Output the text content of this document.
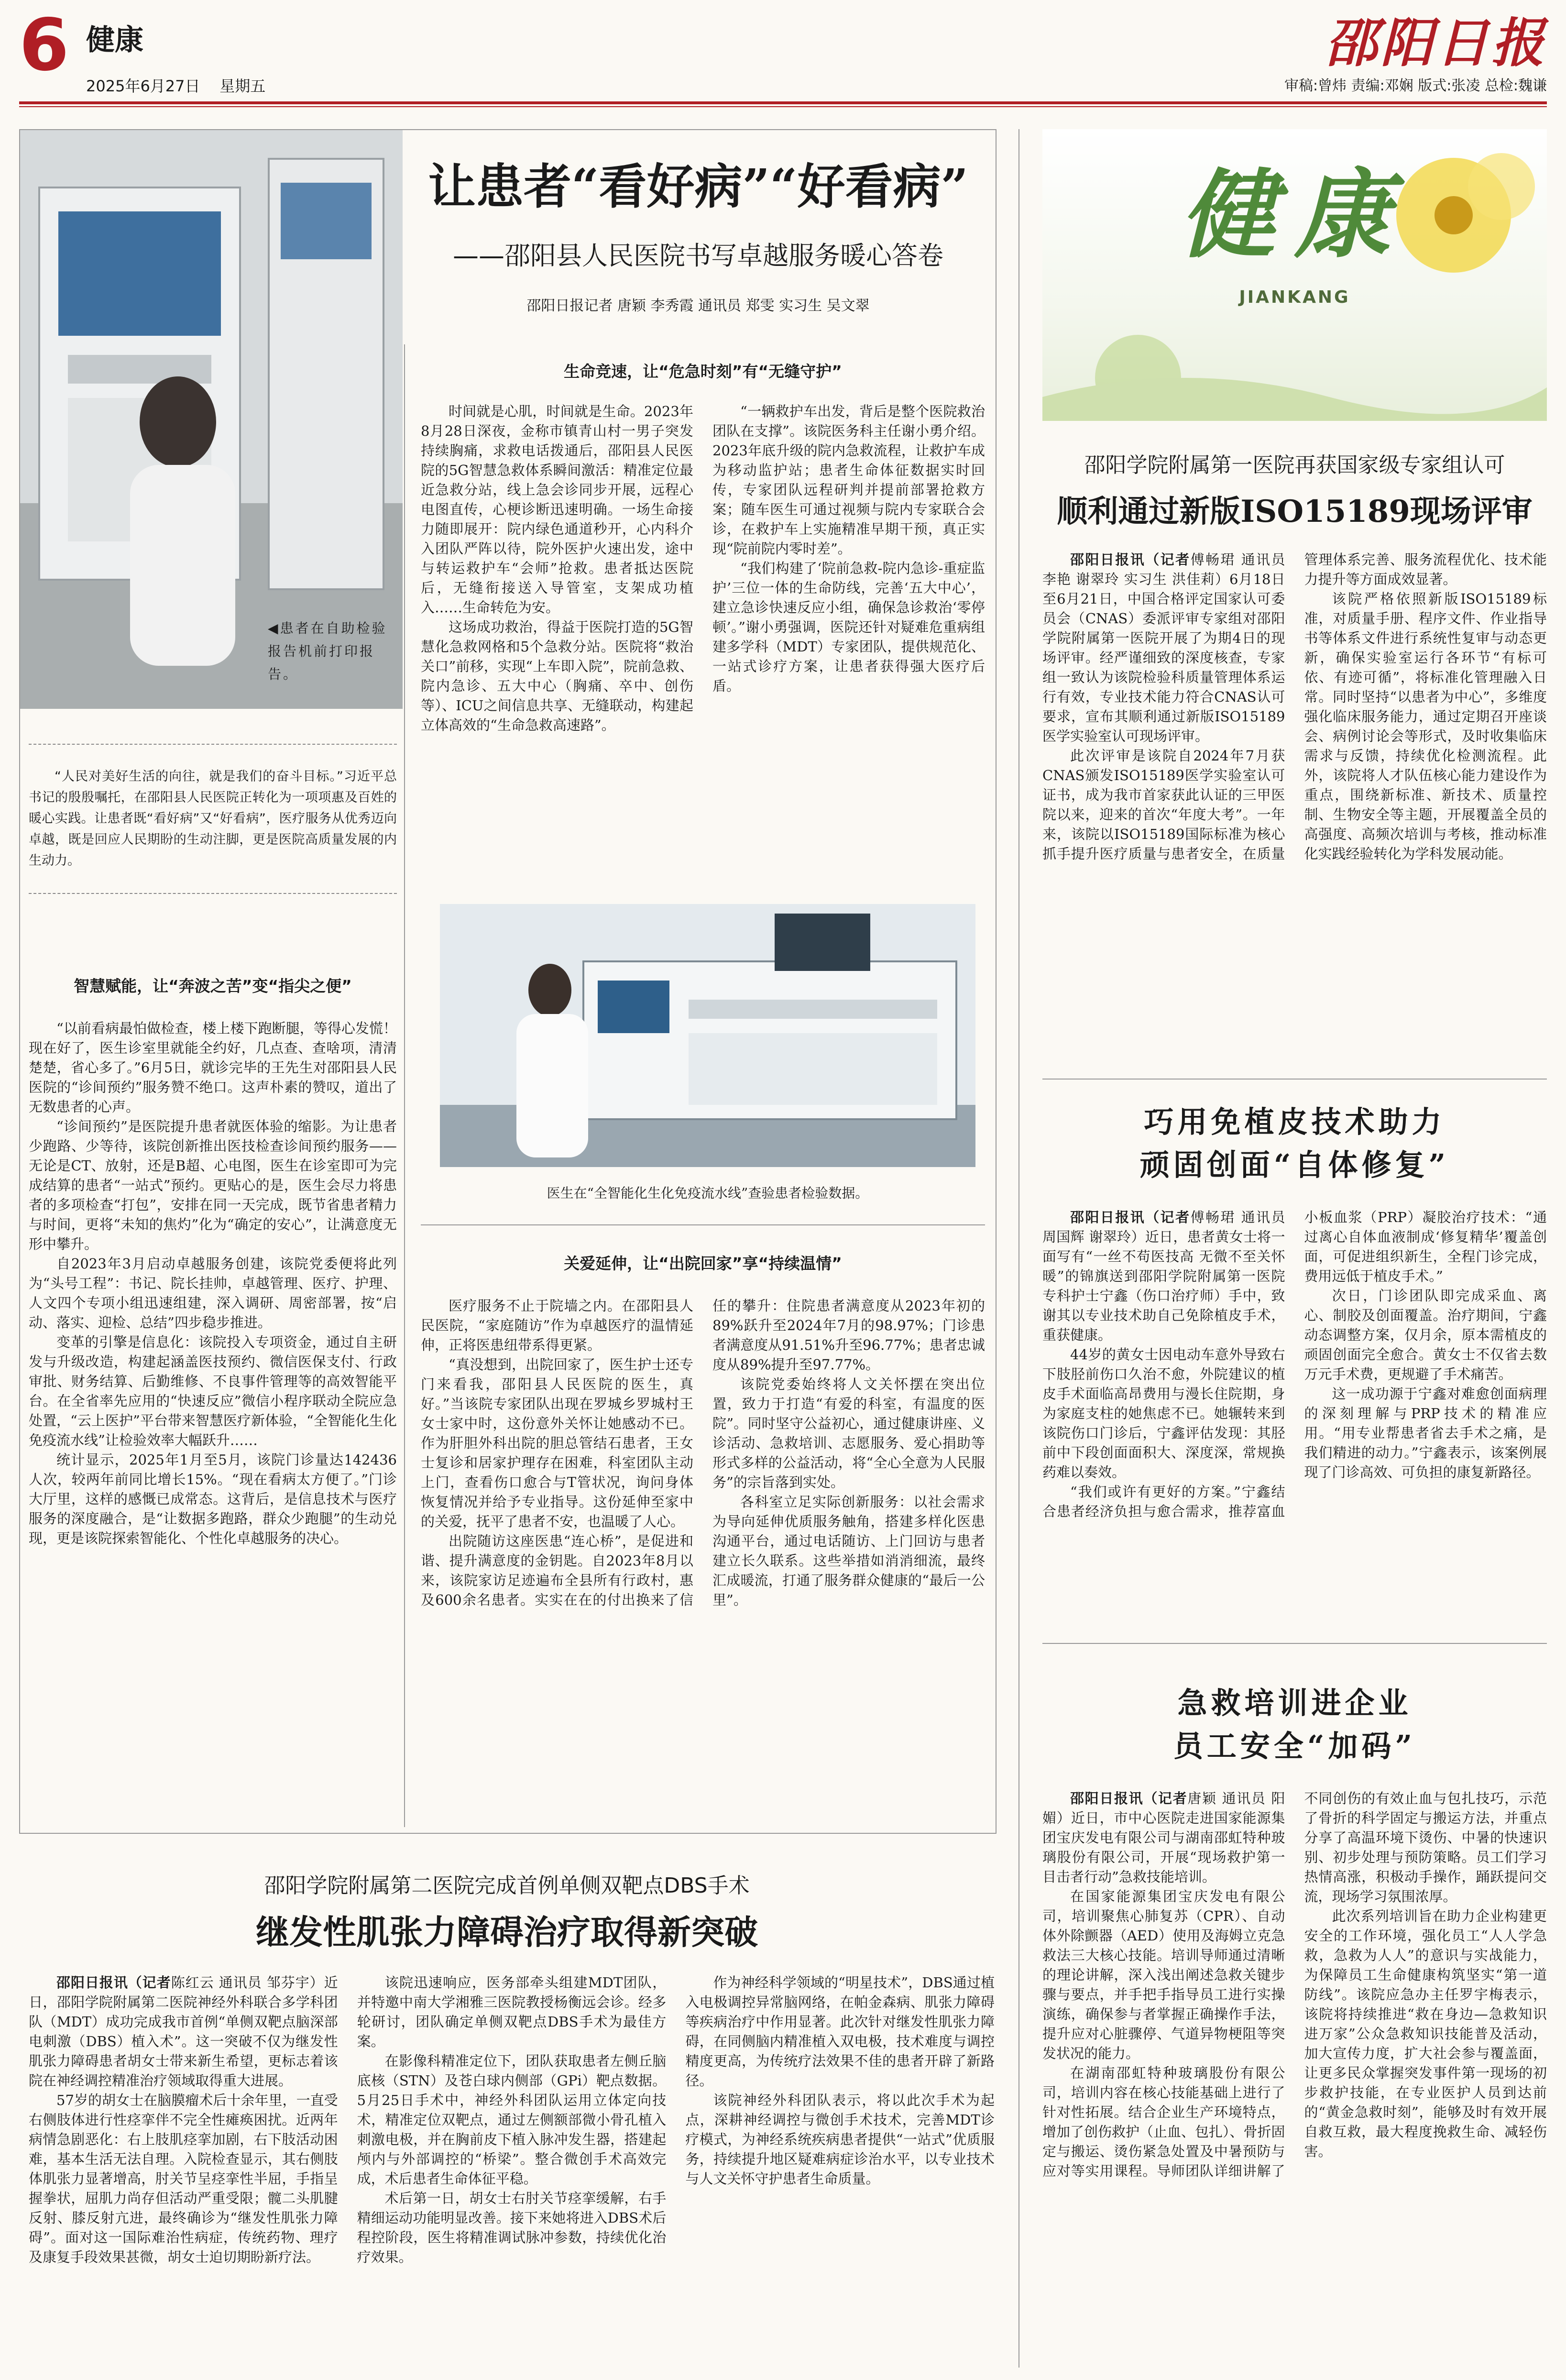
6 健康
2025年6月27日 星期五
邵阳日报
审稿:曾炜 责编:邓娴 版式:张凌 总检:魏谦
◀患者在自助检验报告机前打印报告。
让患者“看好病”“好看病”
——邵阳县人民医院书写卓越服务暖心答卷
邵阳日报记者 唐颖 李秀霞 通讯员 郑雯 实习生 吴文翠
“人民对美好生活的向往，就是我们的奋斗目标。”习近平总书记的殷殷嘱托，在邵阳县人民医院正转化为一项项惠及百姓的暖心实践。让患者既“看好病”又“好看病”，医疗服务从优秀迈向卓越，既是回应人民期盼的生动注脚，更是医院高质量发展的内生动力。
智慧赋能，让“奔波之苦”变“指尖之便”

“以前看病最怕做检查，楼上楼下跑断腿，等得心发慌！现在好了，医生诊室里就能全约好，几点查、查啥项，清清楚楚，省心多了。”6月5日，就诊完毕的王先生对邵阳县人民医院的“诊间预约”服务赞不绝口。这声朴素的赞叹，道出了无数患者的心声。

“诊间预约”是医院提升患者就医体验的缩影。为让患者少跑路、少等待，该院创新推出医技检查诊间预约服务——无论是CT、放射，还是B超、心电图，医生在诊室即可为完成结算的患者“一站式”预约。更贴心的是，医生会尽力将患者的多项检查“打包”，安排在同一天完成，既节省患者精力与时间，更将“未知的焦灼”化为“确定的安心”，让满意度无形中攀升。

自2023年3月启动卓越服务创建，该院党委便将此列为“头号工程”：书记、院长挂帅，卓越管理、医疗、护理、人文四个专项小组迅速组建，深入调研、周密部署，按“启动、落实、迎检、总结”四步稳步推进。

变革的引擎是信息化：该院投入专项资金，通过自主研发与升级改造，构建起涵盖医技预约、微信医保支付、行政审批、财务结算、后勤维修、不良事件管理等的高效智能平台。在全省率先应用的“快速反应”微信小程序联动全院应急处置，“云上医护”平台带来智慧医疗新体验，“全智能化生化免疫流水线”让检验效率大幅跃升……

统计显示，2025年1月至5月，该院门诊量达142436人次，较两年前同比增长15%。“现在看病太方便了。”门诊大厅里，这样的感慨已成常态。这背后，是信息技术与医疗服务的深度融合，是“让数据多跑路，群众少跑腿”的生动兑现，更是该院探索智能化、个性化卓越服务的决心。

生命竞速，让“危急时刻”有“无缝守护”

时间就是心肌，时间就是生命。2023年8月28日深夜，金称市镇青山村一男子突发持续胸痛，求救电话拨通后，邵阳县人民医院的5G智慧急救体系瞬间激活：精准定位最近急救分站，线上急会诊同步开展，远程心电图直传，心梗诊断迅速明确。一场生命接力随即展开：院内绿色通道秒开，心内科介入团队严阵以待，院外医护火速出发，途中与转运救护车“会师”抢救。患者抵达医院后，无缝衔接送入导管室，支架成功植入……生命转危为安。

这场成功救治，得益于医院打造的5G智慧化急救网格和5个急救分站。医院将“救治关口”前移，实现“上车即入院”，院前急救、院内急诊、五大中心（胸痛、卒中、创伤等）、ICU之间信息共享、无缝联动，构建起立体高效的“生命急救高速路”。

“一辆救护车出发，背后是整个医院救治团队在支撑”。该院医务科主任谢小勇介绍。2023年底升级的院内急救流程，让救护车成为移动监护站；患者生命体征数据实时回传，专家团队远程研判并提前部署抢救方案；随车医生可通过视频与院内专家联合会诊，在救护车上实施精准早期干预，真正实现“院前院内零时差”。

“我们构建了‘院前急救-院内急诊-重症监护’三位一体的生命防线，完善‘五大中心’，建立急诊快速反应小组，确保急诊救治‘零停顿’。”谢小勇强调，医院还针对疑难危重病组建多学科（MDT）专家团队，提供规范化、一站式诊疗方案，让患者获得强大医疗后盾。

医生在“全智能化生化免疫流水线”查验患者检验数据。
关爱延伸，让“出院回家”享“持续温情”

医疗服务不止于院墙之内。在邵阳县人民医院，“家庭随访”作为卓越医疗的温情延伸，正将医患纽带系得更紧。

“真没想到，出院回家了，医生护士还专门来看我，邵阳县人民医院的医生，真好。”当该院专家团队出现在罗城乡罗城村王女士家中时，这份意外关怀让她感动不已。作为肝胆外科出院的胆总管结石患者，王女士复诊和居家护理存在困难，科室团队主动上门，查看伤口愈合与T管状况，询问身体恢复情况并给予专业指导。这份延伸至家中的关爱，抚平了患者不安，也温暖了人心。

出院随访这座医患“连心桥”，是促进和谐、提升满意度的金钥匙。自2023年8月以来，该院家访足迹遍布全县所有行政村，惠及600余名患者。实实在在的付出换来了信任的攀升：住院患者满意度从2023年初的89%跃升至2024年7月的98.97%；门诊患者满意度从91.51%升至96.77%；患者忠诚度从89%提升至97.77%。

该院党委始终将人文关怀摆在突出位置，致力于打造“有爱的科室，有温度的医院”。同时坚守公益初心，通过健康讲座、义诊活动、急救培训、志愿服务、爱心捐助等形式多样的公益活动，将“全心全意为人民服务”的宗旨落到实处。

各科室立足实际创新服务：以社会需求为导向延伸优质服务触角，搭建多样化医患沟通平台，通过电话随访、上门回访与患者建立长久联系。这些举措如消消细流，最终汇成暖流，打通了服务群众健康的“最后一公里”。

健康
JIANKANG
邵阳学院附属第一医院再获国家级专家组认可
顺利通过新版ISO15189现场评审

邵阳日报讯（记者傅畅珺 通讯员 李艳 谢翠玲 实习生 洪佳莉）6月18日至6月21日，中国合格评定国家认可委员会（CNAS）委派评审专家组对邵阳学院附属第一医院开展了为期4日的现场评审。经严谨细致的深度核查，专家组一致认为该院检验科质量管理体系运行有效，专业技术能力符合CNAS认可要求，宣布其顺利通过新版ISO15189医学实验室认可现场评审。

此次评审是该院自2024年7月获CNAS颁发ISO15189医学实验室认可证书，成为我市首家获此认证的三甲医院以来，迎来的首次“年度大考”。一年来，该院以ISO15189国际标准为核心抓手提升医疗质量与患者安全，在质量管理体系完善、服务流程优化、技术能力提升等方面成效显著。

该院严格依照新版ISO15189标准，对质量手册、程序文件、作业指导书等体系文件进行系统性复审与动态更新，确保实验室运行各环节“有标可依、有迹可循”，将标准化管理融入日常。同时坚持“以患者为中心”，多维度强化临床服务能力，通过定期召开座谈会、病例讨论会等形式，及时收集临床需求与反馈，持续优化检测流程。此外，该院将人才队伍核心能力建设作为重点，围绕新标准、新技术、质量控制、生物安全等主题，开展覆盖全员的高强度、高频次培训与考核，推动标准化实践经验转化为学科发展动能。

巧用免植皮技术助力
顽固创面“自体修复”

邵阳日报讯（记者傅畅珺 通讯员 周国辉 谢翠玲）近日，患者黄女士将一面写有“一丝不苟医技高 无微不至关怀暖”的锦旗送到邵阳学院附属第一医院专科护士宁鑫（伤口治疗师）手中，致谢其以专业技术助自己免除植皮手术，重获健康。

44岁的黄女士因电动车意外导致右下肢胫前伤口久治不愈，外院建议的植皮手术面临高昂费用与漫长住院期，身为家庭支柱的她焦虑不已。她辗转来到该院伤口门诊后，宁鑫评估发现：其胫前中下段创面面积大、深度深，常规换药难以奏效。

“我们或许有更好的方案。”宁鑫结合患者经济负担与愈合需求，推荐富血小板血浆（PRP）凝胶治疗技术：“通过离心自体血液制成‘修复精华’覆盖创面，可促进组织新生，全程门诊完成，费用远低于植皮手术。”

次日，门诊团队即完成采血、离心、制胶及创面覆盖。治疗期间，宁鑫动态调整方案，仅月余，原本需植皮的顽固创面完全愈合。黄女士不仅省去数万元手术费，更规避了手术痛苦。

这一成功源于宁鑫对难愈创面病理的深刻理解与PRP技术的精准应用。“用专业帮患者省去手术之痛，是我们精进的动力。”宁鑫表示，该案例展现了门诊高效、可负担的康复新路径。

急救培训进企业
员工安全“加码”

邵阳日报讯（记者唐颖 通讯员 阳媚）近日，市中心医院走进国家能源集团宝庆发电有限公司与湖南邵虹特种玻璃股份有限公司，开展“现场救护第一目击者行动”急救技能培训。

在国家能源集团宝庆发电有限公司，培训聚焦心肺复苏（CPR）、自动体外除颤器（AED）使用及海姆立克急救法三大核心技能。培训导师通过清晰的理论讲解，深入浅出阐述急救关键步骤与要点，并手把手指导员工进行实操演练，确保参与者掌握正确操作手法，提升应对心脏骤停、气道异物梗阻等突发状况的能力。

在湖南邵虹特种玻璃股份有限公司，培训内容在核心技能基础上进行了针对性拓展。结合企业生产环境特点，增加了创伤救护（止血、包扎）、骨折固定与搬运、烫伤紧急处置及中暑预防与应对等实用课程。导师团队详细讲解了不同创伤的有效止血与包扎技巧，示范了骨折的科学固定与搬运方法，并重点分享了高温环境下烫伤、中暑的快速识别、初步处理与预防策略。员工们学习热情高涨，积极动手操作，踊跃提问交流，现场学习氛围浓厚。

此次系列培训旨在助力企业构建更安全的工作环境，强化员工“人人学急救，急救为人人”的意识与实战能力，为保障员工生命健康构筑坚实“第一道防线”。该院应急办主任罗宇梅表示，该院将持续推进“救在身边—急救知识进万家”公众急救知识技能普及活动，加大宣传力度，扩大社会参与覆盖面，让更多民众掌握突发事件第一现场的初步救护技能，在专业医护人员到达前的“黄金急救时刻”，能够及时有效开展自救互救，最大程度挽救生命、减轻伤害。

邵阳学院附属第二医院完成首例单侧双靶点DBS手术
继发性肌张力障碍治疗取得新突破

邵阳日报讯（记者陈红云 通讯员 邹芬宇）近日，邵阳学院附属第二医院神经外科联合多学科团队（MDT）成功完成我市首例“单侧双靶点脑深部电刺激（DBS）植入术”。这一突破不仅为继发性肌张力障碍患者胡女士带来新生希望，更标志着该院在神经调控精准治疗领域取得重大进展。

57岁的胡女士在脑膜瘤术后十余年里，一直受右侧肢体进行性痉挛伴不完全性瘫痪困扰。近两年病情急剧恶化：右上肢肌痉挛加剧，右下肢活动困难，基本生活无法自理。入院检查显示，其右侧肢体肌张力显著增高，肘关节呈痉挛性半屈，手指呈握拳状，屈肌力尚存但活动严重受限；髋二头肌腱反射、膝反射亢进，最终确诊为“继发性肌张力障碍”。面对这一国际难治性病症，传统药物、理疗及康复手段效果甚微，胡女士迫切期盼新疗法。

该院迅速响应，医务部牵头组建MDT团队，并特邀中南大学湘雅三医院教授杨衡远会诊。经多轮研讨，团队确定单侧双靶点DBS手术为最佳方案。

在影像科精准定位下，团队获取患者左侧丘脑底核（STN）及苍白球内侧部（GPi）靶点数据。5月25日手术中，神经外科团队运用立体定向技术，精准定位双靶点，通过左侧额部微小骨孔植入刺激电极，并在胸前皮下植入脉冲发生器，搭建起颅内与外部调控的“桥梁”。整合微创手术高效完成，术后患者生命体征平稳。

术后第一日，胡女士右肘关节痉挛缓解，右手精细运动功能明显改善。接下来她将进入DBS术后程控阶段，医生将精准调试脉冲参数，持续优化治疗效果。

作为神经科学领域的“明星技术”，DBS通过植入电极调控异常脑网络，在帕金森病、肌张力障碍等疾病治疗中作用显著。此次针对继发性肌张力障碍，在同侧脑内精准植入双电极，技术难度与调控精度更高，为传统疗法效果不佳的患者开辟了新路径。

该院神经外科团队表示，将以此次手术为起点，深耕神经调控与微创手术技术，完善MDT诊疗模式，为神经系统疾病患者提供“一站式”优质服务，持续提升地区疑难病症诊治水平，以专业技术与人文关怀守护患者生命质量。
